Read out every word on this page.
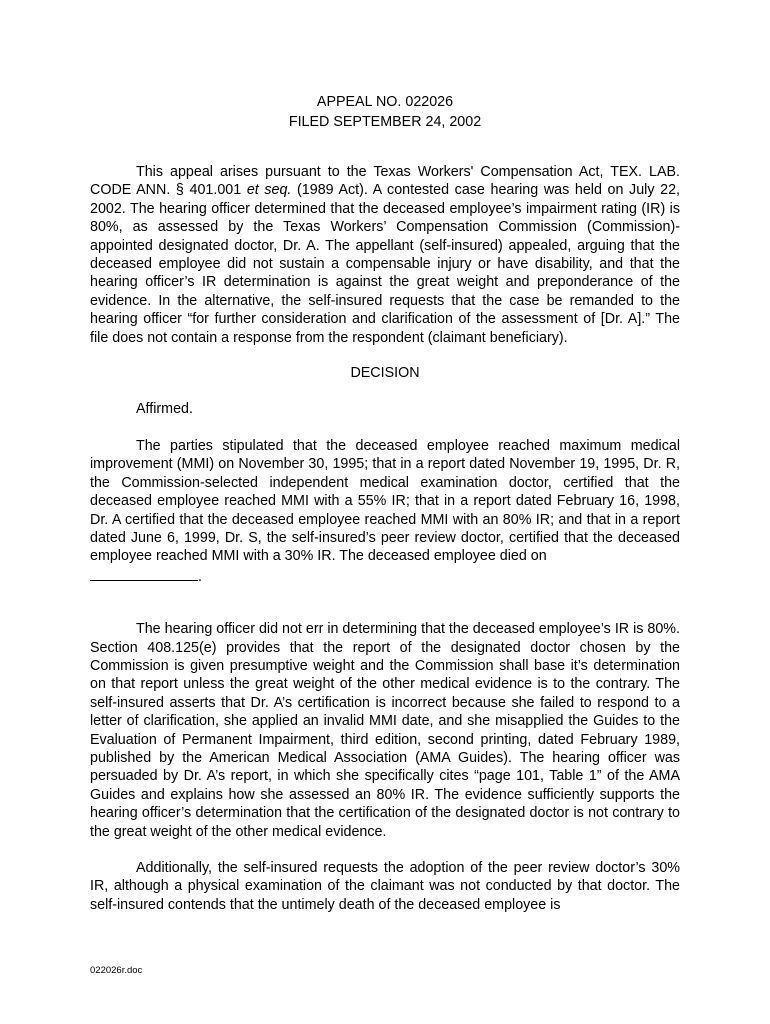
APPEAL NO. 022026
FILED SEPTEMBER 24, 2002

This appeal arises pursuant to the Texas Workers' Compensation Act, TEX. LAB. CODE ANN. § 401.001 et seq. (1989 Act). A contested case hearing was held on July 22, 2002. The hearing officer determined that the deceased employee’s impairment rating (IR) is 80%, as assessed by the Texas Workers’ Compensation Commission (Commission)-appointed designated doctor, Dr. A. The appellant (self-insured) appealed, arguing that the deceased employee did not sustain a compensable injury or have disability, and that the hearing officer’s IR determination is against the great weight and preponderance of the evidence. In the alternative, the self-insured requests that the case be remanded to the hearing officer “for further consideration and clarification of the assessment of [Dr. A].” The file does not contain a response from the respondent (claimant beneficiary).

DECISION

Affirmed.

The parties stipulated that the deceased employee reached maximum medical improvement (MMI) on November 30, 1995; that in a report dated November 19, 1995, Dr. R, the Commission-selected independent medical examination doctor, certified that the deceased employee reached MMI with a 55% IR; that in a report dated February 16, 1998, Dr. A certified that the deceased employee reached MMI with an 80% IR; and that in a report dated June 6, 1999, Dr. S, the self-insured’s peer review doctor, certified that the deceased employee reached MMI with a 30% IR. The deceased employee died on

.

The hearing officer did not err in determining that the deceased employee’s IR is 80%. Section 408.125(e) provides that the report of the designated doctor chosen by the Commission is given presumptive weight and the Commission shall base it’s determination on that report unless the great weight of the other medical evidence is to the contrary. The self-insured asserts that Dr. A’s certification is incorrect because she failed to respond to a letter of clarification, she applied an invalid MMI date, and she misapplied the Guides to the Evaluation of Permanent Impairment, third edition, second printing, dated February 1989, published by the American Medical Association (AMA Guides). The hearing officer was persuaded by Dr. A’s report, in which she specifically cites “page 101, Table 1” of the AMA Guides and explains how she assessed an 80% IR. The evidence sufficiently supports the hearing officer’s determination that the certification of the designated doctor is not contrary to the great weight of the other medical evidence.

Additionally, the self-insured requests the adoption of the peer review doctor’s 30% IR, although a physical examination of the claimant was not conducted by that doctor. The self-insured contends that the untimely death of the deceased employee is

022026r.doc
